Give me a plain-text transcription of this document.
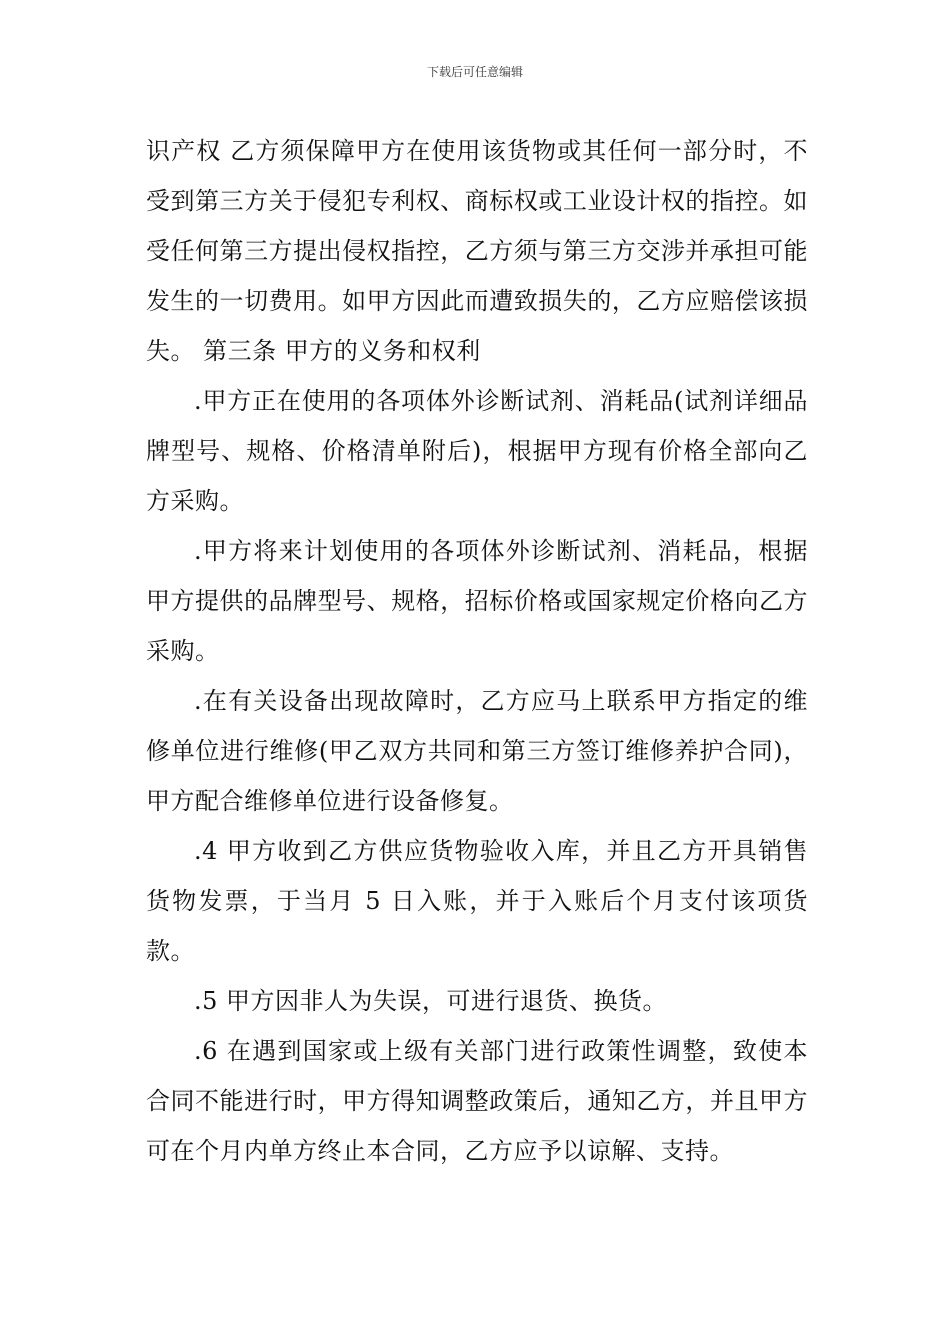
下载后可任意编辑

识产权 乙方须保障甲方在使用该货物或其任何一部分时，不受到第三方关于侵犯专利权、商标权或工业设计权的指控。如受任何第三方提出侵权指控，乙方须与第三方交涉并承担可能发生的一切费用。如甲方因此而遭致损失的，乙方应赔偿该损失。 第三条 甲方的义务和权利

.甲方正在使用的各项体外诊断试剂、消耗品(试剂详细品牌型号、规格、价格清单附后)，根据甲方现有价格全部向乙方采购。

.甲方将来计划使用的各项体外诊断试剂、消耗品，根据甲方提供的品牌型号、规格，招标价格或国家规定价格向乙方采购。

.在有关设备出现故障时，乙方应马上联系甲方指定的维修单位进行维修(甲乙双方共同和第三方签订维修养护合同)，甲方配合维修单位进行设备修复。

.4 甲方收到乙方供应货物验收入库，并且乙方开具销售货物发票，于当月 5 日入账，并于入账后个月支付该项货款。

.5 甲方因非人为失误，可进行退货、换货。

.6 在遇到国家或上级有关部门进行政策性调整，致使本合同不能进行时，甲方得知调整政策后，通知乙方，并且甲方可在个月内单方终止本合同，乙方应予以谅解、支持。
